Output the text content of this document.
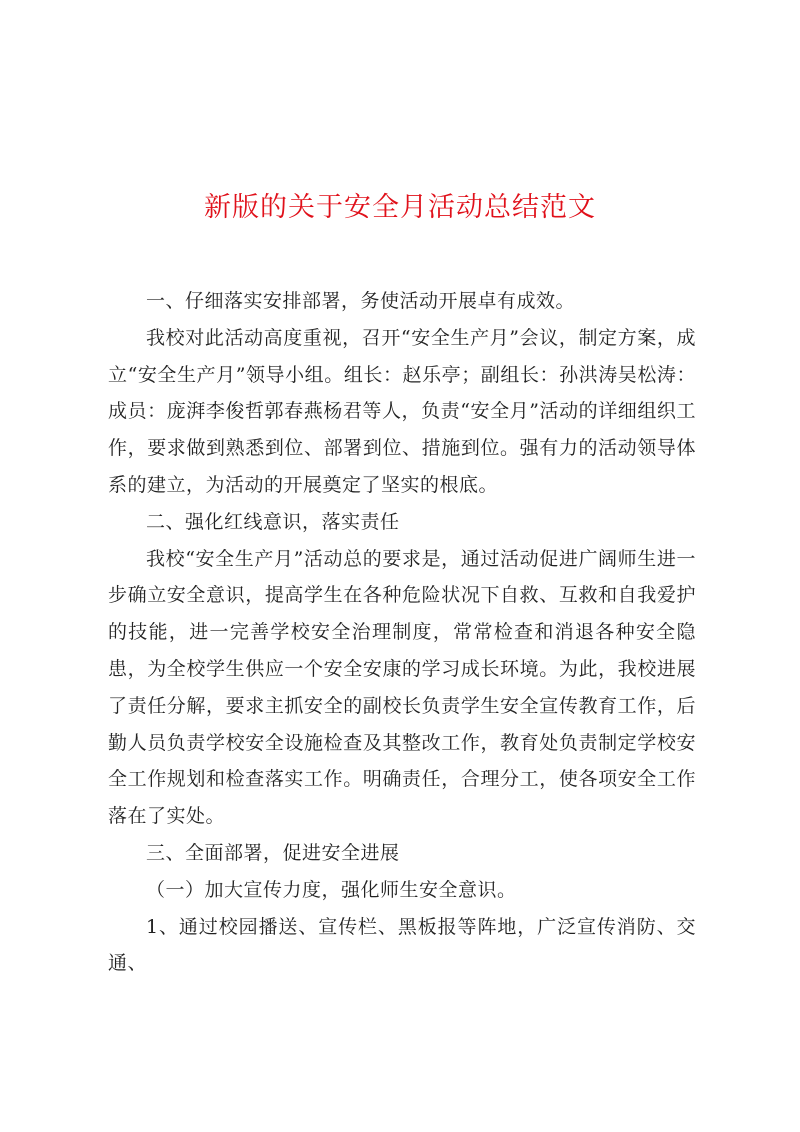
新版的关于安全月活动总结范文

一、仔细落实安排部署，务使活动开展卓有成效。

我校对此活动高度重视，召开“安全生产月”会议，制定方案，成立“安全生产月”领导小组。组长：赵乐亭；副组长：孙洪涛吴松涛：成员：庞湃李俊哲郭春燕杨君等人，负责“安全月”活动的详细组织工作，要求做到熟悉到位、部署到位、措施到位。强有力的活动领导体系的建立，为活动的开展奠定了坚实的根底。

二、强化红线意识，落实责任

我校“安全生产月”活动总的要求是，通过活动促进广阔师生进一步确立安全意识，提高学生在各种危险状况下自救、互救和自我爱护的技能，进一完善学校安全治理制度，常常检查和消退各种安全隐患，为全校学生供应一个安全安康的学习成长环境。为此，我校进展了责任分解，要求主抓安全的副校长负责学生安全宣传教育工作，后勤人员负责学校安全设施检查及其整改工作，教育处负责制定学校安全工作规划和检查落实工作。明确责任，合理分工，使各项安全工作落在了实处。

三、全面部署，促进安全进展

（一）加大宣传力度，强化师生安全意识。

1、通过校园播送、宣传栏、黑板报等阵地，广泛宣传消防、交通、
